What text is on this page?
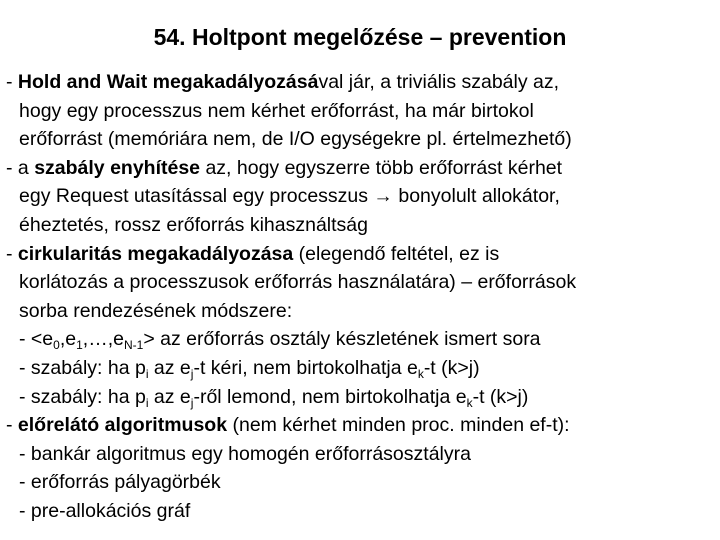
54. Holtpont megelőzése – prevention
- Hold and Wait megakadályozásával jár, a triviális szabály az,
hogy egy processzus nem kérhet erőforrást, ha már birtokol
erőforrást (memóriára nem, de I/O egységekre pl. értelmezhető)
- a szabály enyhítése az, hogy egyszerre több erőforrást kérhet
egy Request utasítással egy processzus → bonyolult allokátor,
éheztetés, rossz erőforrás kihasználtság
- cirkularitás megakadályozása (elegendő feltétel, ez is
korlátozás a processzusok erőforrás használatára) – erőforrások
sorba rendezésének módszere:
- $<e_0,e_1,\dots,e_{N-1}>$ az erőforrás osztály készletének ismert sora
- szabály: ha $p_i$ az $e_j-t$ kéri, nem birtokolhatja $e_k-t$ (k>j)
- szabály: ha $p_i$ az $e_j$-ről lemond, nem birtokolhatja $e_k-t$ (k>j)
- előrelátó algoritmusok (nem kérhet minden proc. minden ef-t):
- bankár algoritmus egy homogén erőforrásosztályra
- erőforrás pályagörbék
- pre-allokációs gráf
